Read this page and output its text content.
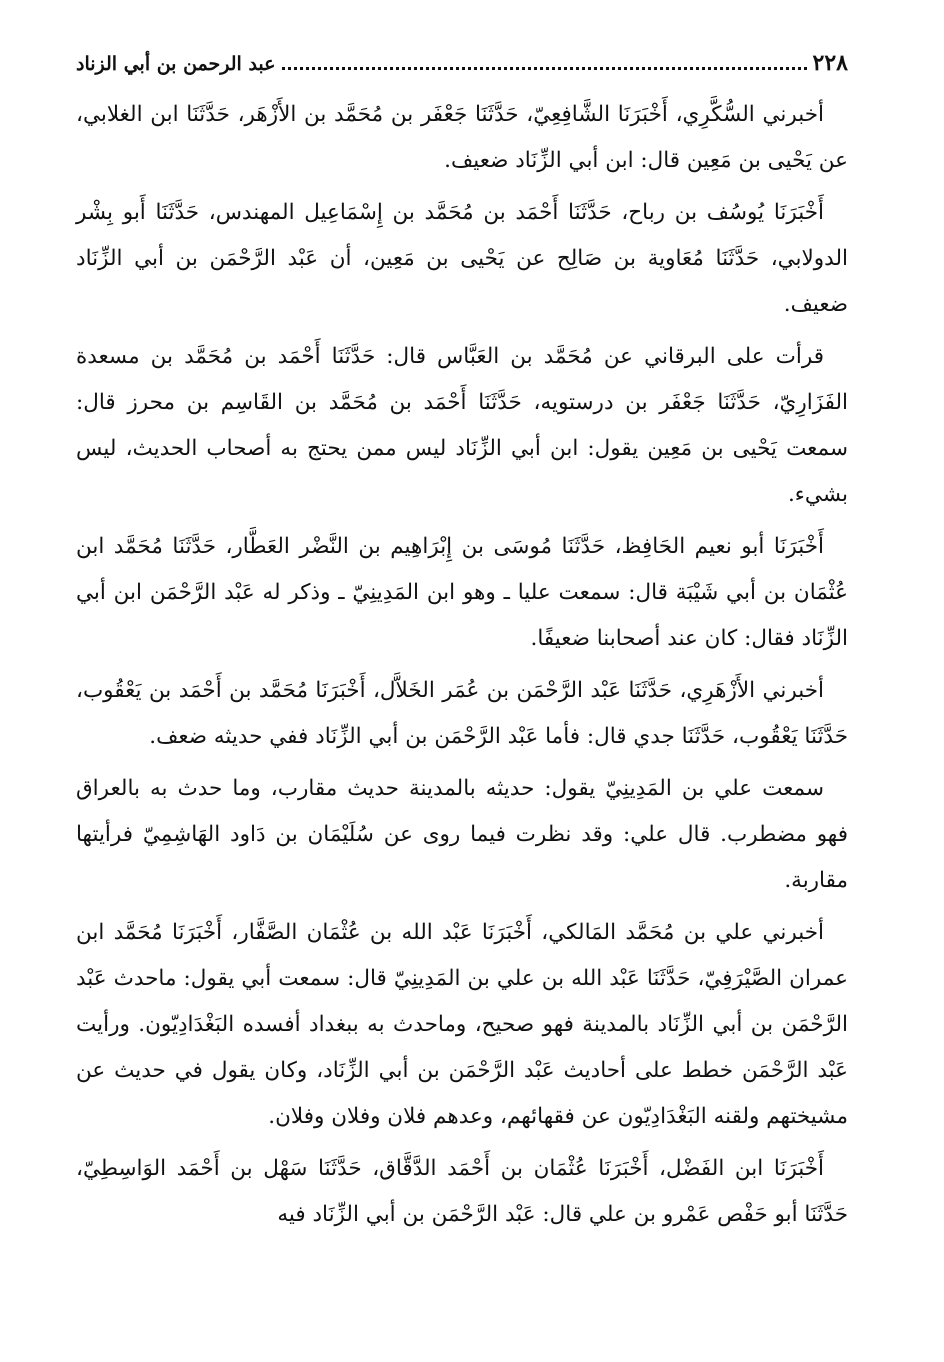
٢٢٨
عبد الرحمن بن أبي الزناد

أخبرني السُّكَّرِي، أَخْبَرَنَا الشَّافِعِيّ، حَدَّثَنَا جَعْفَر بن مُحَمَّد بن الأَزْهَر، حَدَّثَنَا ابن الغلابي، عن يَحْيى بن مَعِين قال: ابن أبي الزِّنَاد ضعيف.

أَخْبَرَنَا يُوسُف بن رباح، حَدَّثَنَا أَحْمَد بن مُحَمَّد بن إِسْمَاعِيل المهندس، حَدَّثَنَا أَبو بِشْر الدولابي، حَدَّثَنَا مُعَاوية بن صَالِح عن يَحْيى بن مَعِين، أن عَبْد الرَّحْمَن بن أبي الزِّنَاد ضعيف.

قرأت على البرقاني عن مُحَمَّد بن العَبَّاس قال: حَدَّثَنَا أَحْمَد بن مُحَمَّد بن مسعدة الفَزَارِيّ، حَدَّثَنَا جَعْفَر بن درستويه، حَدَّثَنَا أَحْمَد بن مُحَمَّد بن القَاسِم بن محرز قال: سمعت يَحْيى بن مَعِين يقول: ابن أبي الزِّنَاد ليس ممن يحتج به أصحاب الحديث، ليس بشيء.

أَخْبَرَنَا أبو نعيم الحَافِظ، حَدَّثَنَا مُوسَى بن إِبْرَاهِيم بن النَّضْر العَطَّار، حَدَّثَنَا مُحَمَّد ابن عُثْمَان بن أبي شَيْبَة قال: سمعت عليا ـ وهو ابن المَدِينِيّ ـ وذكر له عَبْد الرَّحْمَن ابن أبي الزِّنَاد فقال: كان عند أصحابنا ضعيفًا.

أخبرني الأَزْهَرِي، حَدَّثَنَا عَبْد الرَّحْمَن بن عُمَر الخَلاَّل، أَخْبَرَنَا مُحَمَّد بن أَحْمَد بن يَعْقُوب، حَدَّثَنَا يَعْقُوب، حَدَّثَنَا جدي قال: فأما عَبْد الرَّحْمَن بن أبي الزِّنَاد ففي حديثه ضعف.

سمعت علي بن المَدِينِيّ يقول: حديثه بالمدينة حديث مقارب، وما حدث به بالعراق فهو مضطرب. قال علي: وقد نظرت فيما روى عن سُلَيْمَان بن دَاود الهَاشِمِيّ فرأيتها مقاربة.

أخبرني علي بن مُحَمَّد المَالكي، أَخْبَرَنَا عَبْد الله بن عُثْمَان الصَّفَّار، أَخْبَرَنَا مُحَمَّد ابن عمران الصَّيْرَفِيّ، حَدَّثَنَا عَبْد الله بن علي بن المَدِينِيّ قال: سمعت أبي يقول: ماحدث عَبْد الرَّحْمَن بن أبي الزِّنَاد بالمدينة فهو صحيح، وماحدث به ببغداد أفسده البَغْدَادِيّون. ورأيت عَبْد الرَّحْمَن خطط على أحاديث عَبْد الرَّحْمَن بن أبي الزِّنَاد، وكان يقول في حديث عن مشيختهم ولقنه البَغْدَادِيّون عن فقهائهم، وعدهم فلان وفلان وفلان.

أَخْبَرَنَا ابن الفَضْل، أَخْبَرَنَا عُثْمَان بن أَحْمَد الدَّقَّاق، حَدَّثَنَا سَهْل بن أَحْمَد الوَاسِطِيّ، حَدَّثَنَا أبو حَفْص عَمْرو بن علي قال: عَبْد الرَّحْمَن بن أبي الزِّنَاد فيه
